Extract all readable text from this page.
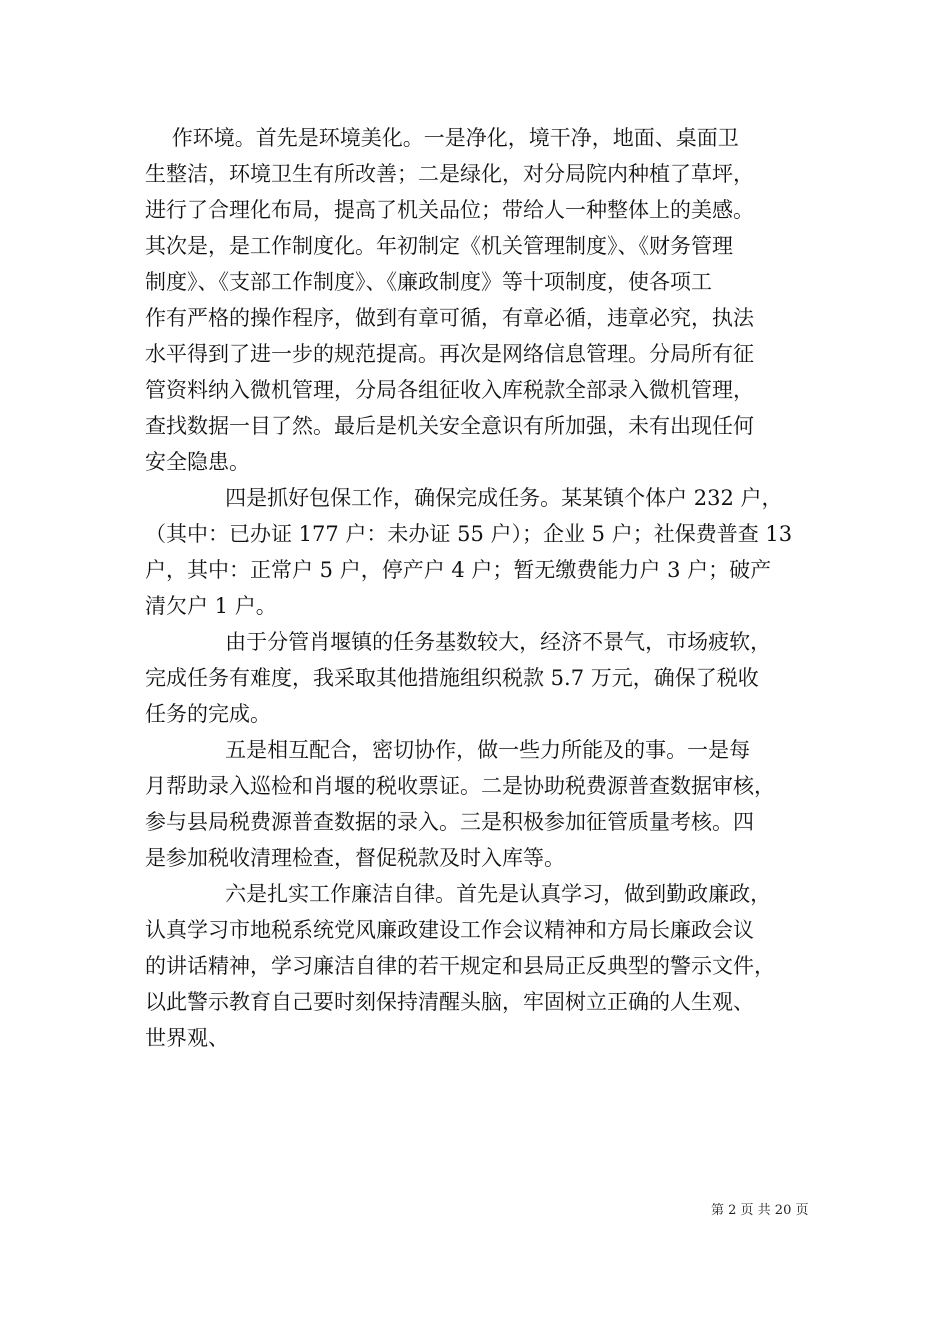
作环境。首先是环境美化。一是净化，境干净，地面、桌面卫
生整洁，环境卫生有所改善；二是绿化，对分局院内种植了草坪，
进行了合理化布局，提高了机关品位；带给人一种整体上的美感。
其次是，是工作制度化。年初制定《机关管理制度》、《财务管理
制度》、《支部工作制度》、《廉政制度》等十项制度，使各项工
作有严格的操作程序，做到有章可循，有章必循，违章必究，执法
水平得到了进一步的规范提高。再次是网络信息管理。分局所有征
管资料纳入微机管理，分局各组征收入库税款全部录入微机管理，
查找数据一目了然。最后是机关安全意识有所加强，未有出现任何
安全隐患。
四是抓好包保工作，确保完成任务。某某镇个体户 232 户，
（其中：已办证 177 户：未办证 55 户）；企业 5 户；社保费普查 13
户，其中：正常户 5 户，停产户 4 户；暂无缴费能力户 3 户；破产
清欠户 1 户。
由于分管肖堰镇的任务基数较大，经济不景气，市场疲软，
完成任务有难度，我采取其他措施组织税款 5.7 万元，确保了税收
任务的完成。
五是相互配合，密切协作，做一些力所能及的事。一是每
月帮助录入巡检和肖堰的税收票证。二是协助税费源普查数据审核，
参与县局税费源普查数据的录入。三是积极参加征管质量考核。四
是参加税收清理检查，督促税款及时入库等。
六是扎实工作廉洁自律。首先是认真学习，做到勤政廉政，
认真学习市地税系统党风廉政建设工作会议精神和方局长廉政会议
的讲话精神，学习廉洁自律的若干规定和县局正反典型的警示文件，
以此警示教育自己要时刻保持清醒头脑，牢固树立正确的人生观、
世界观、
第 2 页 共 20 页
